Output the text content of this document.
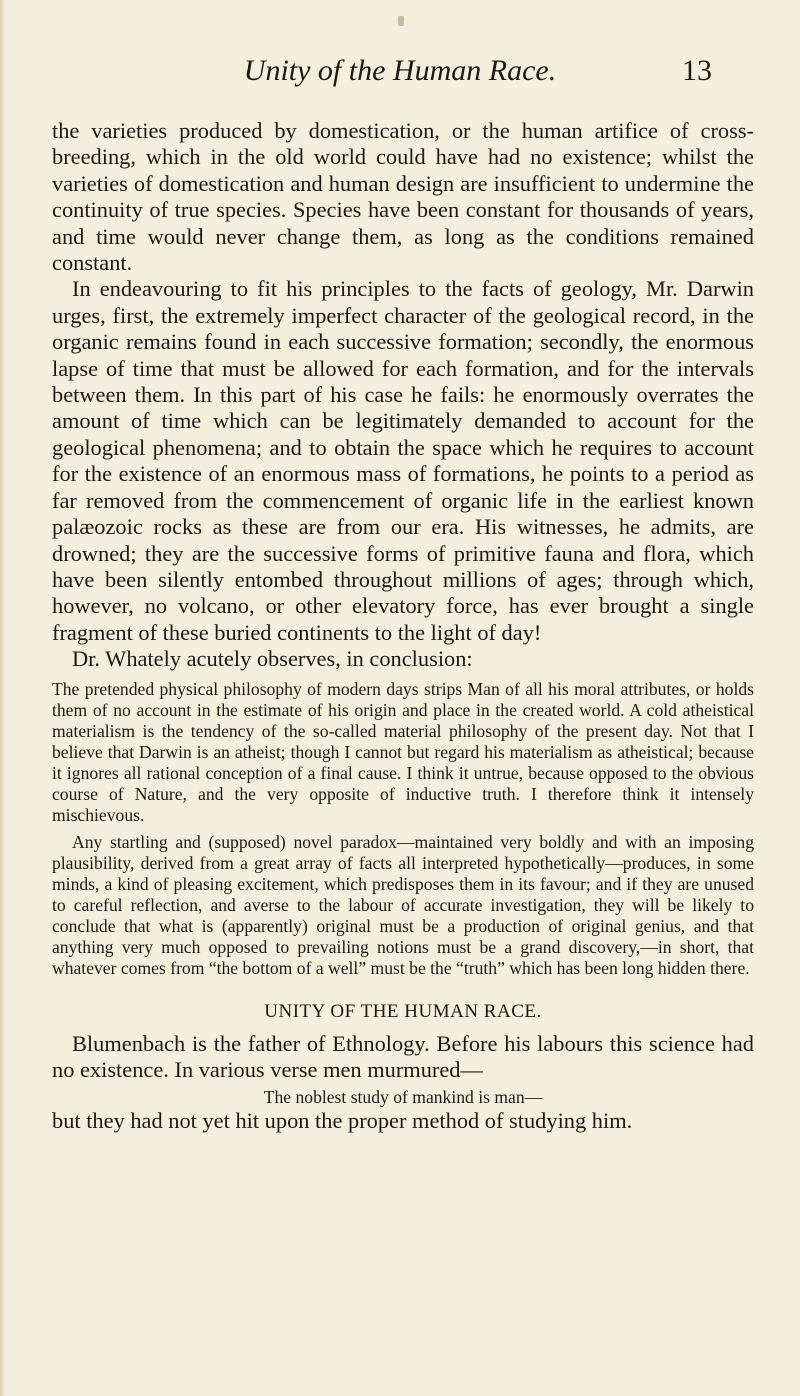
Unity of the Human Race.	13

the varieties produced by domestication, or the human artifice of cross-breeding, which in the old world could have had no existence; whilst the varieties of domestication and human design are insufficient to undermine the continuity of true species. Species have been constant for thousands of years, and time would never change them, as long as the conditions remained constant.

In endeavouring to fit his principles to the facts of geology, Mr. Darwin urges, first, the extremely imperfect character of the geological record, in the organic remains found in each successive formation; secondly, the enormous lapse of time that must be allowed for each formation, and for the intervals between them. In this part of his case he fails: he enormously overrates the amount of time which can be legitimately demanded to account for the geological phenomena; and to obtain the space which he requires to account for the existence of an enormous mass of formations, he points to a period as far removed from the commencement of organic life in the earliest known palæozoic rocks as these are from our era. His witnesses, he admits, are drowned; they are the successive forms of primitive fauna and flora, which have been silently entombed throughout millions of ages; through which, however, no volcano, or other elevatory force, has ever brought a single fragment of these buried continents to the light of day!

Dr. Whately acutely observes, in conclusion:

The pretended physical philosophy of modern days strips Man of all his moral attributes, or holds them of no account in the estimate of his origin and place in the created world. A cold atheistical materialism is the tendency of the so-called material philosophy of the present day. Not that I believe that Darwin is an atheist; though I cannot but regard his materialism as atheistical; because it ignores all rational conception of a final cause. I think it untrue, because opposed to the obvious course of Nature, and the very opposite of inductive truth. I therefore think it intensely mischievous.

Any startling and (supposed) novel paradox—maintained very boldly and with an imposing plausibility, derived from a great array of facts all interpreted hypothetically—produces, in some minds, a kind of pleasing excitement, which predisposes them in its favour; and if they are unused to careful reflection, and averse to the labour of accurate investigation, they will be likely to conclude that what is (apparently) original must be a production of original genius, and that anything very much opposed to prevailing notions must be a grand discovery,—in short, that whatever comes from “the bottom of a well” must be the “truth” which has been long hidden there.

UNITY OF THE HUMAN RACE.

Blumenbach is the father of Ethnology. Before his labours this science had no existence. In various verse men murmured—

The noblest study of mankind is man—

but they had not yet hit upon the proper method of studying him.
